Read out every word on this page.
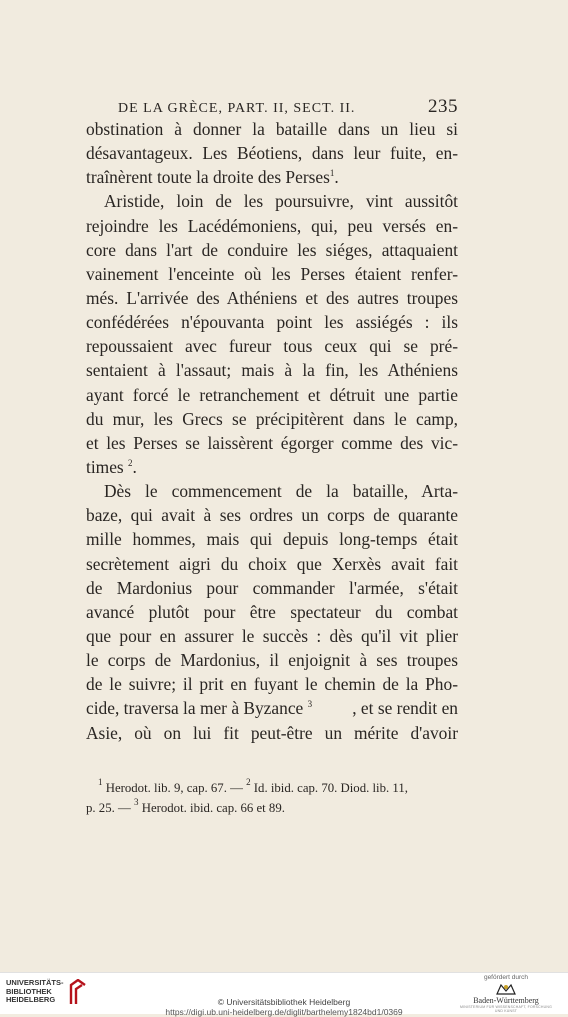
DE LA GRÈCE, PART. II, SECT. II.	235
obstination à donner la bataille dans un lieu si
désavantageux. Les Béotiens, dans leur fuite, en-
traînèrent toute la droite des Perses$^1$.
Aristide, loin de les poursuivre, vint aussitôt
rejoindre les Lacédémoniens, qui, peu versés en-
core dans l'art de conduire les siéges, attaquaient
vainement l'enceinte où les Perses étaient renfer-
més. L'arrivée des Athéniens et des autres troupes
confédérées n'épouvanta point les assiégés : ils
repoussaient avec fureur tous ceux qui se pré-
sentaient à l'assaut; mais à la fin, les Athéniens
ayant forcé le retranchement et détruit une partie
du mur, les Grecs se précipitèrent dans le camp,
et les Perses se laissèrent égorger comme des vic-
times $^2$.
Dès le commencement de la bataille, Arta-
baze, qui avait à ses ordres un corps de quarante
mille hommes, mais qui depuis long-temps était
secrètement aigri du choix que Xerxès avait fait
de Mardonius pour commander l'armée, s'était
avancé plutôt pour être spectateur du combat
que pour en assurer le succès : dès qu'il vit plier
le corps de Mardonius, il enjoignit à ses troupes
de le suivre; il prit en fuyant le chemin de la Pho-
cide, traversa la mer à Byzance $^3$ , et se rendit en
Asie, où on lui fit peut-être un mérite d'avoir
$^1$ Herodot. lib. 9, cap. 67. — $^2$ Id. ibid. cap. 70. Diod. lib. 11,
p. 25. — $^3$ Herodot. ibid. cap. 66 et 89.
UNIVERSITÄTS-
BIBLIOTHEK
HEIDELBERG	© Universitätsbibliothek Heidelberg
https://digi.ub.uni-heidelberg.de/diglit/barthelemy1824bd1/0369
gefördert durch
Baden-Württemberg
MINISTERIUM FÜR WISSENSCHAFT, FORSCHUNG UND KUNST
